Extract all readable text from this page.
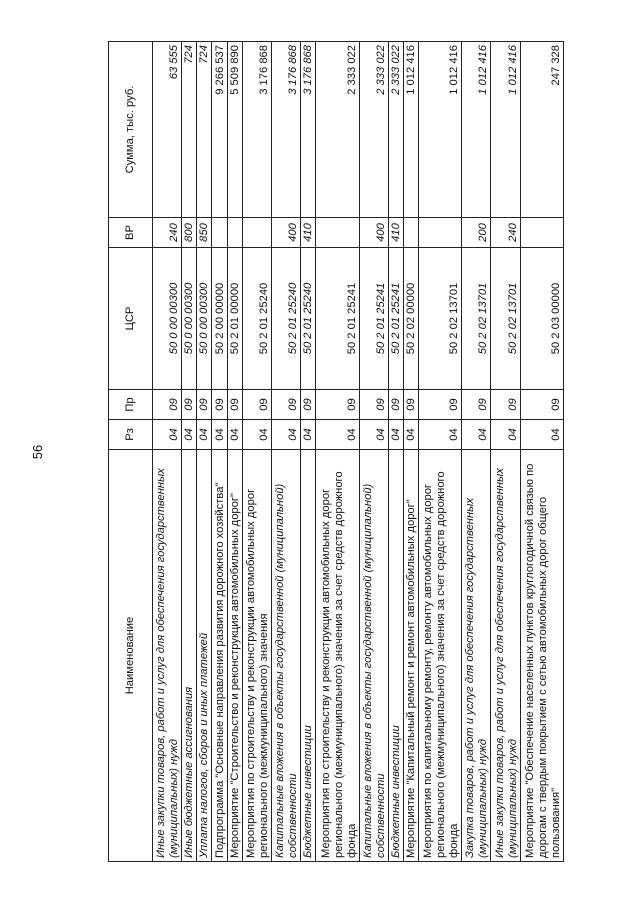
56
Наименование	Рз	Пр	ЦСР	ВР	Сумма, тыс. руб.
Иные закупки товаров, работ и услуг для обеспечения государственных (муниципальных) нужд	04	09	50 0 00 00300	240	63 555
Иные бюджетные ассигнования	04	09	50 0 00 00300	800	724
Уплата налогов, сборов и иных платежей	04	09	50 0 00 00300	850	724
Подпрограмма "Основные направления развития дорожного хозяйства"	04	09	50 2 00 00000		9 266 537
Мероприятие "Строительство и реконструкция автомобильных дорог"	04	09	50 2 01 00000		5 509 890
Мероприятия по строительству и реконструкции автомобильных дорог регионального (межмуниципального) значения	04	09	50 2 01 25240		3 176 868
Капитальные вложения в объекты государственной (муниципальной) собственности	04	09	50 2 01 25240	400	3 176 868
Бюджетные инвестиции	04	09	50 2 01 25240	410	3 176 868
Мероприятия по строительству и реконструкции автомобильных дорог регионального (межмуниципального) значения за счет средств дорожного фонда	04	09	50 2 01 25241		2 333 022
Капитальные вложения в объекты государственной (муниципальной) собственности	04	09	50 2 01 25241	400	2 333 022
Бюджетные инвестиции	04	09	50 2 01 25241	410	2 333 022
Мероприятие "Капитальный ремонт и ремонт автомобильных дорог"	04	09	50 2 02 00000		1 012 416
Мероприятия по капитальному ремонту, ремонту автомобильных дорог регионального (межмуниципального) значения за счет средств дорожного фонда	04	09	50 2 02 13701		1 012 416
Закупка товаров, работ и услуг для обеспечения государственных (муниципальных) нужд	04	09	50 2 02 13701	200	1 012 416
Иные закупки товаров, работ и услуг для обеспечения государственных (муниципальных) нужд	04	09	50 2 02 13701	240	1 012 416
Мероприятие "Обеспечение населенных пунктов круглогодичной связью по дорогам с твердым покрытием с сетью автомобильных дорог общего пользования"	04	09	50 2 03 00000		247 328
